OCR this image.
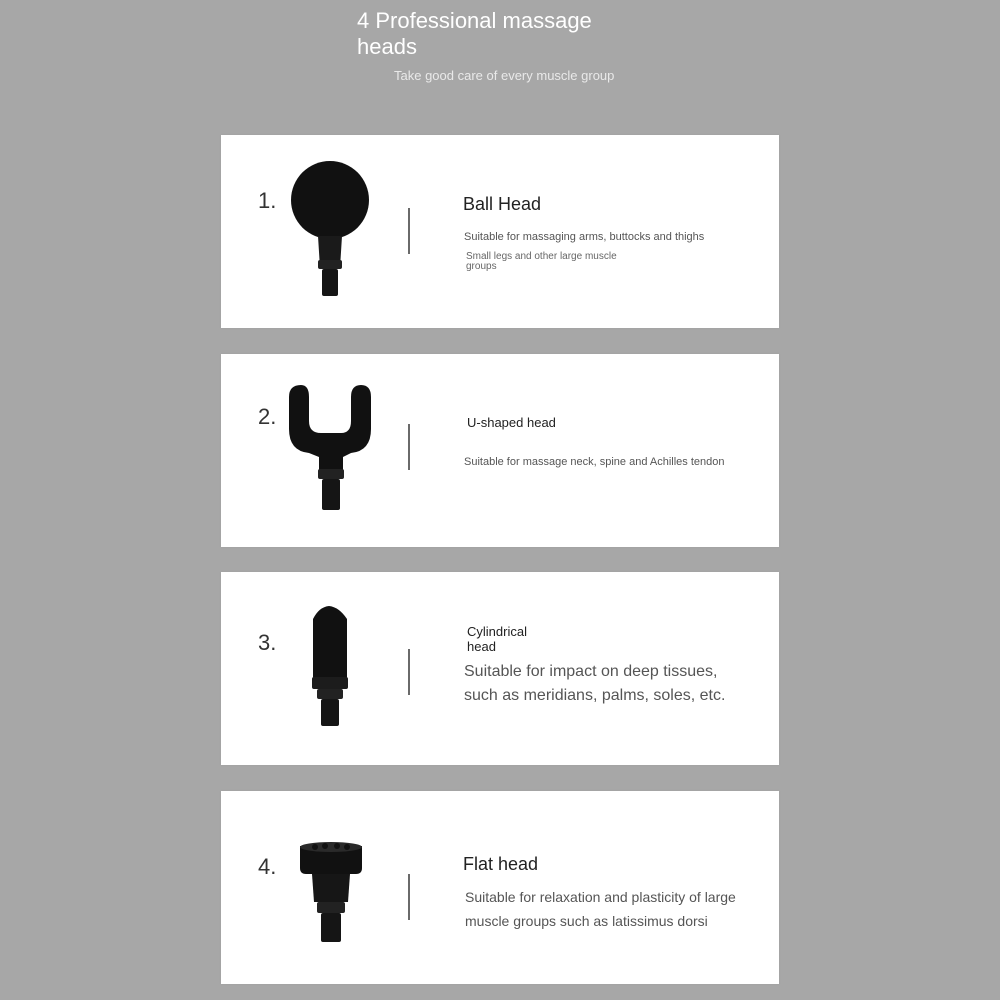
4 Professional massage heads
Take good care of every muscle group
1.	Ball Head
Suitable for massaging arms, buttocks and thighs
Small legs and other large muscle groups
2.	U-shaped head
Suitable for massage neck, spine and Achilles tendon
3.	Cylindrical head
Suitable for impact on deep tissues, such as meridians, palms, soles, etc.
4.	Flat head
Suitable for relaxation and plasticity of large muscle groups such as latissimus dorsi
